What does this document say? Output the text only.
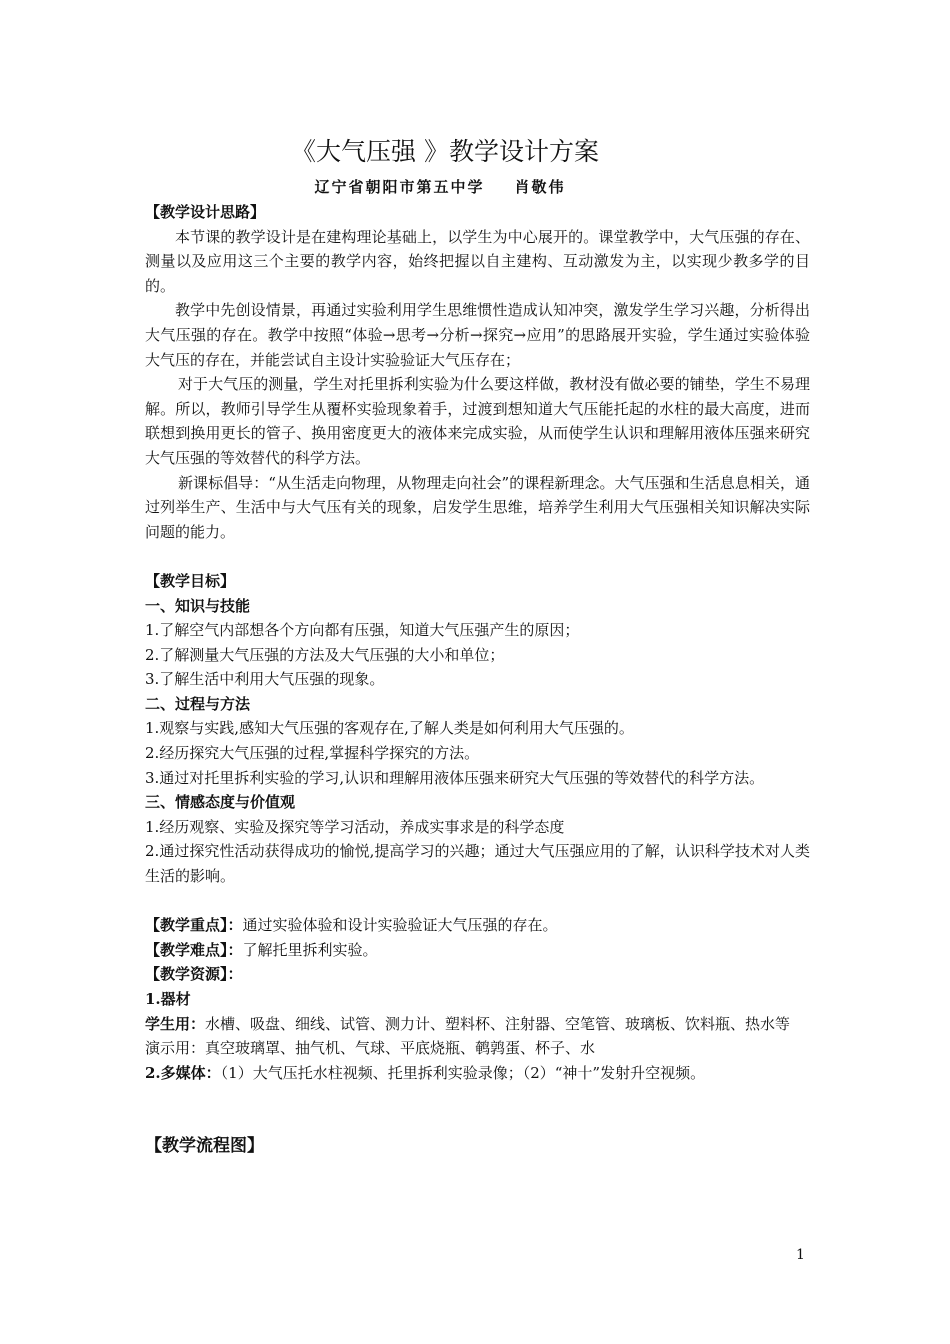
《大气压强 》教学设计方案
辽宁省朝阳市第五中学 肖敬伟

【教学设计思路】

本节课的教学设计是在建构理论基础上，以学生为中心展开的。课堂教学中，大气压强的存在、测量以及应用这三个主要的教学内容，始终把握以自主建构、互动激发为主，以实现少教多学的目的。

教学中先创设情景，再通过实验利用学生思维惯性造成认知冲突，激发学生学习兴趣，分析得出大气压强的存在。教学中按照“体验→思考→分析→探究→应用”的思路展开实验，学生通过实验体验大气压的存在，并能尝试自主设计实验验证大气压存在；

对于大气压的测量，学生对托里拆利实验为什么要这样做，教材没有做必要的铺垫，学生不易理解。所以，教师引导学生从覆杯实验现象着手，过渡到想知道大气压能托起的水柱的最大高度，进而联想到换用更长的管子、换用密度更大的液体来完成实验，从而使学生认识和理解用液体压强来研究大气压强的等效替代的科学方法。

新课标倡导：“从生活走向物理，从物理走向社会”的课程新理念。大气压强和生活息息相关，通过列举生产、生活中与大气压有关的现象，启发学生思维，培养学生利用大气压强相关知识解决实际问题的能力。

【教学目标】

一、知识与技能

1.了解空气内部想各个方向都有压强，知道大气压强产生的原因；

2.了解测量大气压强的方法及大气压强的大小和单位；

3.了解生活中利用大气压强的现象。

二、过程与方法

1.观察与实践,感知大气压强的客观存在,了解人类是如何利用大气压强的。

2.经历探究大气压强的过程,掌握科学探究的方法。

3.通过对托里拆利实验的学习,认识和理解用液体压强来研究大气压强的等效替代的科学方法。

三、情感态度与价值观

1.经历观察、实验及探究等学习活动，养成实事求是的科学态度

2.通过探究性活动获得成功的愉悦,提高学习的兴趣；通过大气压强应用的了解，认识科学技术对人类生活的影响。

【教学重点】：通过实验体验和设计实验验证大气压强的存在。

【教学难点】：了解托里拆利实验。

【教学资源】：

1.器材

学生用：水槽、吸盘、细线、试管、测力计、塑料杯、注射器、空笔管、玻璃板、饮料瓶、热水等

演示用：真空玻璃罩、抽气机、气球、平底烧瓶、鹌鹑蛋、杯子、水

2.多媒体：（1）大气压托水柱视频、托里拆利实验录像；（2）“神十”发射升空视频。

【教学流程图】

1
